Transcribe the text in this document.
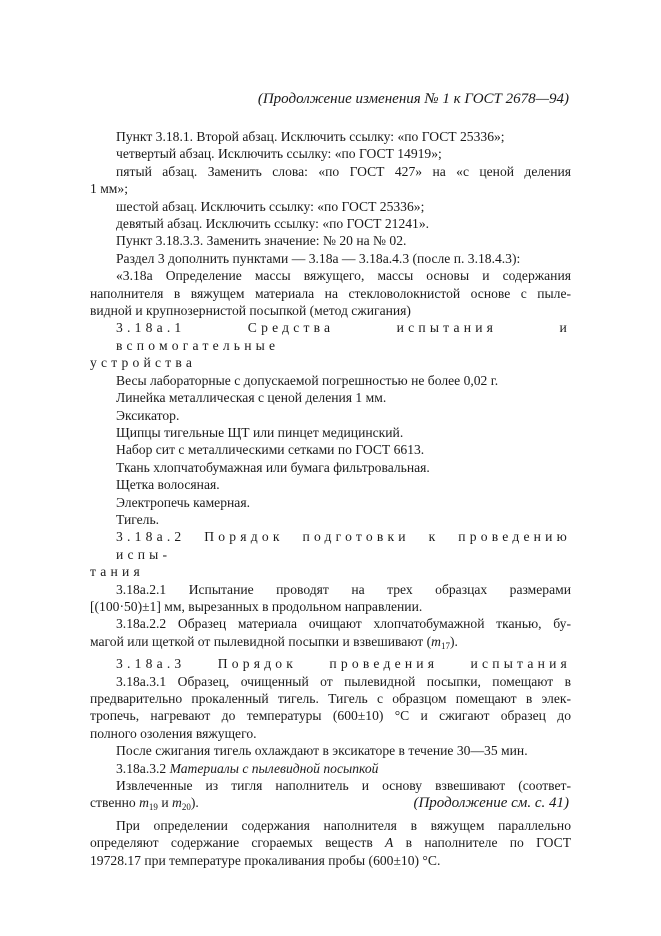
(Продолжение изменения № 1 к ГОСТ 2678—94)
Пункт 3.18.1. Второй абзац. Исключить ссылку: «по ГОСТ 25336»;
четвертый абзац. Исключить ссылку: «по ГОСТ 14919»;
пятый абзац. Заменить слова: «по ГОСТ 427» на «с ценой деления
1 мм»;
шестой абзац. Исключить ссылку: «по ГОСТ 25336»;
девятый абзац. Исключить ссылку: «по ГОСТ 21241».
Пункт 3.18.3.3. Заменить значение: № 20 на № 02.
Раздел 3 дополнить пунктами — 3.18а — 3.18а.4.3 (после п. 3.18.4.3):
«3.18а Определение массы вяжущего, массы основы и содержания
наполнителя в вяжущем материала на стекловолокнистой основе с пыле-
видной и крупнозернистой посыпкой (метод сжигания)
3.18а.1 Средства испытания и вспомогательные
устройства
Весы лабораторные с допускаемой погрешностью не более 0,02 г.
Линейка металлическая с ценой деления 1 мм.
Эксикатор.
Щипцы тигельные ЩТ или пинцет медицинский.
Набор сит с металлическими сетками по ГОСТ 6613.
Ткань хлопчатобумажная или бумага фильтровальная.
Щетка волосяная.
Электропечь камерная.
Тигель.
3.18а.2 Порядок подготовки к проведению испы-
тания
3.18а.2.1 Испытание проводят на трех образцах размерами
[(100·50)±1] мм, вырезанных в продольном направлении.
3.18а.2.2 Образец материала очищают хлопчатобумажной тканью, бу-
магой или щеткой от пылевидной посыпки и взвешивают $(m_{17})$.
3.18а.3 Порядок проведения испытания
3.18а.3.1 Образец, очищенный от пылевидной посыпки, помещают в
предварительно прокаленный тигель. Тигель с образцом помещают в элек-
тропечь, нагревают до температуры (600±10) °С и сжигают образец до
полного озоления вяжущего.
После сжигания тигель охлаждают в эксикаторе в течение 30—35 мин.
3.18а.3.2 Материалы с пылевидной посыпкой
Извлеченные из тигля наполнитель и основу взвешивают (соответ-
ственно $m_{19}$ и $m_{20}$).
При определении содержания наполнителя в вяжущем параллельно
определяют содержание сгораемых веществ А в наполнителе по ГОСТ
19728.17 при температуре прокаливания пробы (600±10) °С.
(Продолжение см. с. 41)
